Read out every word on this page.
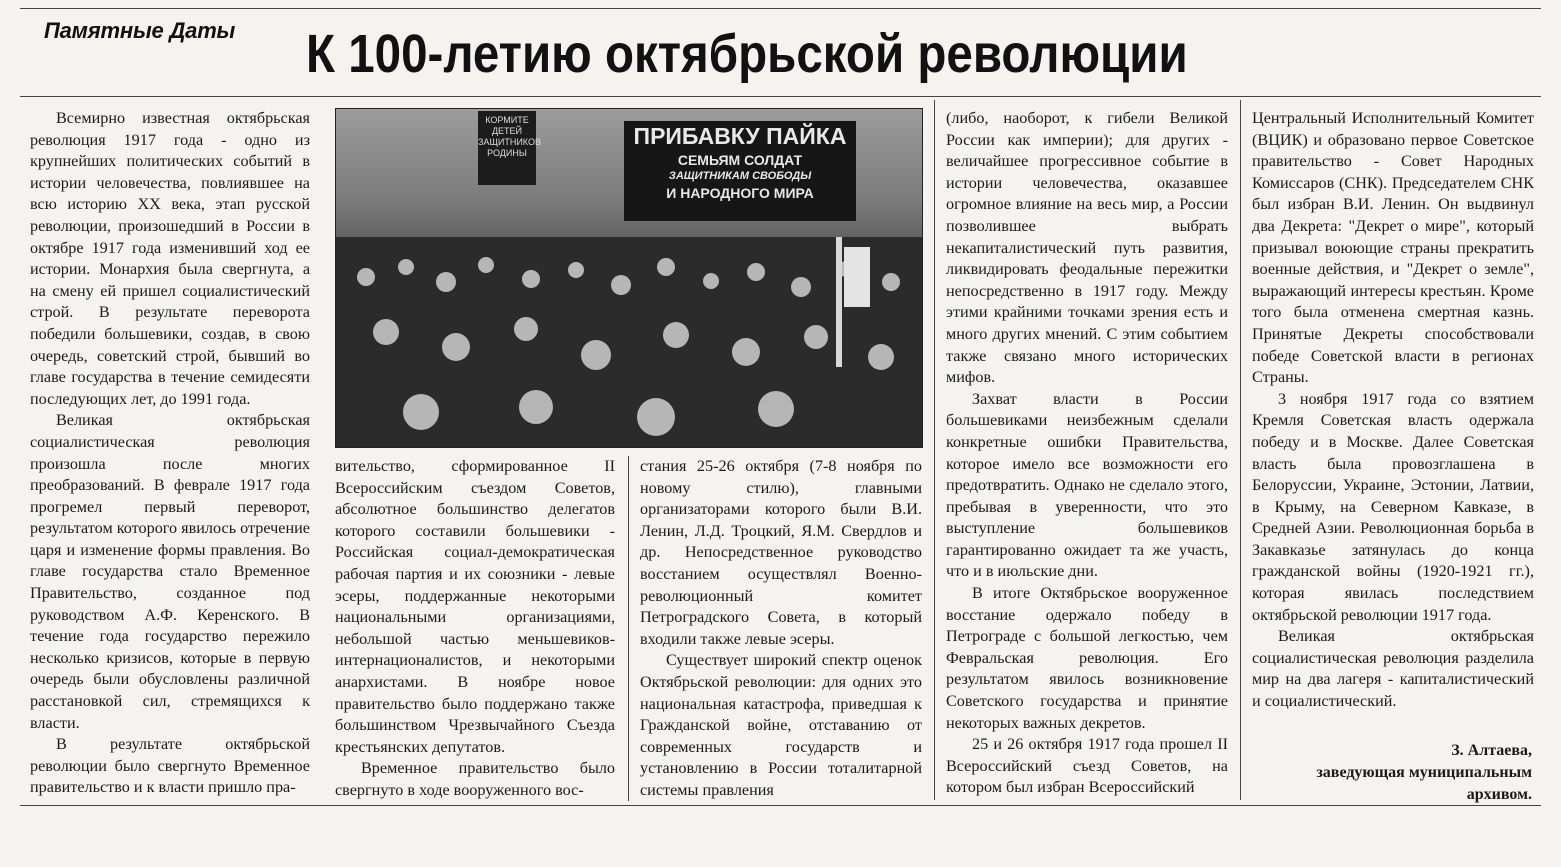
Памятные Даты К 100-летию октябрьской революции

Всемирно известная октябрьская революция 1917 года - одно из крупнейших политических событий в истории человечества, повлиявшее на всю историю ХХ века, этап русской революции, произошедший в России в октябре 1917 года изменивший ход ее истории. Монархия была свергнута, а на смену ей пришел социалистический строй. В результате переворота победили большевики, создав, в свою очередь, советский строй, бывший во главе государства в течение семидесяти последующих лет, до 1991 года.

Великая октябрьская социалистическая революция произошла после многих преобразований. В феврале 1917 года прогремел первый переворот, результатом которого явилось отречение царя и изменение формы правления. Во главе государства стало Временное Правительство, созданное под руководством А.Ф. Керенского. В течение года государство пережило несколько кризисов, которые в первую очередь были обусловлены различной расстановкой сил, стремящихся к власти.

В результате октябрьской революции было свергнуто Временное правительство и к власти пришло пра-

КОРМИТЕ ДЕТЕЙ ЗАЩИТНИКОВ РОДИНЫ
ПРИБАВКУ ПАЙКА
СЕМЬЯМ СОЛДАТ
ЗАЩИТНИКАМ СВОБОДЫ
И НАРОДНОГО МИРА

вительство, сформированное II Всероссийским съездом Советов, абсолютное большинство делегатов которого составили большевики - Российская социал-демократическая рабочая партия и их союзники - левые эсеры, поддержанные некоторыми национальными организациями, небольшой частью меньшевиков-интернационалистов, и некоторыми анархистами. В ноябре новое правительство было поддержано также большинством Чрезвычайного Съезда крестьянских депутатов.

Временное правительство было свергнуто в ходе вооруженного вос-

стания 25-26 октября (7-8 ноября по новому стилю), главными организаторами которого были В.И. Ленин, Л.Д. Троцкий, Я.М. Свердлов и др. Непосредственное руководство восстанием осуществлял Военно-революционный комитет Петроградского Совета, в который входили также левые эсеры.

Существует широкий спектр оценок Октябрьской революции: для одних это национальная катастрофа, приведшая к Гражданской войне, отставанию от современных государств и установлению в России тоталитарной системы правления

(либо, наоборот, к гибели Великой России как империи); для других - величайшее прогрессивное событие в истории человечества, оказавшее огромное влияние на весь мир, а России позволившее выбрать некапиталистический путь развития, ликвидировать феодальные пережитки непосредственно в 1917 году. Между этими крайними точками зрения есть и много других мнений. С этим событием также связано много исторических мифов.

Захват власти в России большевиками неизбежным сделали конкретные ошибки Правительства, которое имело все возможности его предотвратить. Однако не сделало этого, пребывая в уверенности, что это выступление большевиков гарантированно ожидает та же участь, что и в июльские дни.

В итоге Октябрьское вооруженное восстание одержало победу в Петрограде с большой легкостью, чем Февральская революция. Его результатом явилось возникновение Советского государства и принятие некоторых важных декретов.

25 и 26 октября 1917 года прошел II Всероссийский съезд Советов, на котором был избран Всероссийский

Центральный Исполнительный Комитет (ВЦИК) и образовано первое Советское правительство - Совет Народных Комиссаров (СНК). Председателем СНК был избран В.И. Ленин. Он выдвинул два Декрета: "Декрет о мире", который призывал воюющие страны прекратить военные действия, и "Декрет о земле", выражающий интересы крестьян. Кроме того была отменена смертная казнь. Принятые Декреты способствовали победе Советской власти в регионах Страны.

3 ноября 1917 года со взятием Кремля Советская власть одержала победу и в Москве. Далее Советская власть была провозглашена в Белоруссии, Украине, Эстонии, Латвии, в Крыму, на Северном Кавказе, в Средней Азии. Революционная борьба в Закавказье затянулась до конца гражданской войны (1920-1921 гг.), которая явилась последствием октябрьской революции 1917 года.

Великая октябрьская социалистическая революция разделила мир на два лагеря - капиталистический и социалистический.

З. Алтаева,
заведующая муниципальным
архивом.
